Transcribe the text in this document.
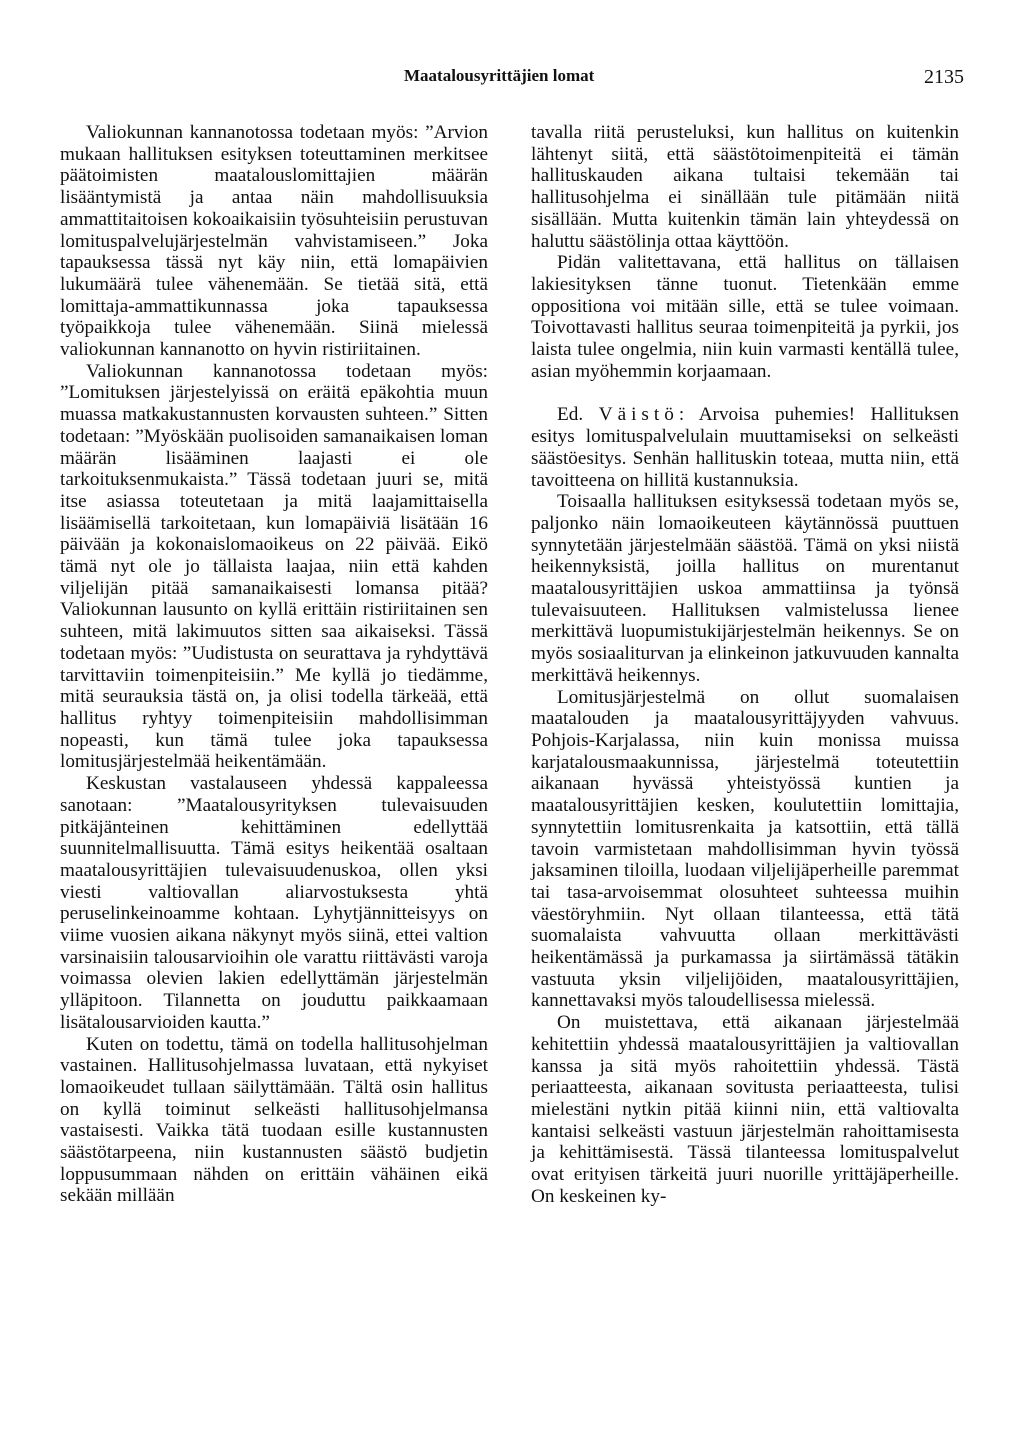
Maatalousyrittäjien lomat	2135

Valiokunnan kannanotossa todetaan myös: ”Arvion mukaan hallituksen esityksen toteuttaminen merkitsee päätoimisten maatalouslomittajien määrän lisääntymistä ja antaa näin mahdollisuuksia ammattitaitoisen kokoaikaisiin työsuhteisiin perustuvan lomituspalvelujärjestelmän vahvistamiseen.” Joka tapauksessa tässä nyt käy niin, että lomapäivien lukumäärä tulee vähenemään. Se tietää sitä, että lomittaja-ammattikunnassa joka tapauksessa työpaikkoja tulee vähenemään. Siinä mielessä valiokunnan kannanotto on hyvin ristiriitainen.

Valiokunnan kannanotossa todetaan myös: ”Lomituksen järjestelyissä on eräitä epäkohtia muun muassa matkakustannusten korvausten suhteen.” Sitten todetaan: ”Myöskään puolisoiden samanaikaisen loman määrän lisääminen laajasti ei ole tarkoituksenmukaista.” Tässä todetaan juuri se, mitä itse asiassa toteutetaan ja mitä laajamittaisella lisäämisellä tarkoitetaan, kun lomapäiviä lisätään 16 päivään ja kokonaislomaoikeus on 22 päivää. Eikö tämä nyt ole jo tällaista laajaa, niin että kahden viljelijän pitää samanaikaisesti lomansa pitää? Valiokunnan lausunto on kyllä erittäin ristiriitainen sen suhteen, mitä lakimuutos sitten saa aikaiseksi. Tässä todetaan myös: ”Uudistusta on seurattava ja ryhdyttävä tarvittaviin toimenpiteisiin.” Me kyllä jo tiedämme, mitä seurauksia tästä on, ja olisi todella tärkeää, että hallitus ryhtyy toimenpiteisiin mahdollisimman nopeasti, kun tämä tulee joka tapauksessa lomitusjärjestelmää heikentämään.

Keskustan vastalauseen yhdessä kappaleessa sanotaan: ”Maatalousyrityksen tulevaisuuden pitkäjänteinen kehittäminen edellyttää suunnitelmallisuutta. Tämä esitys heikentää osaltaan maatalousyrittäjien tulevaisuudenuskoa, ollen yksi viesti valtiovallan aliarvostuksesta yhtä peruselinkeinoamme kohtaan. Lyhytjännitteisyys on viime vuosien aikana näkynyt myös siinä, ettei valtion varsinaisiin talousarvioihin ole varattu riittävästi varoja voimassa olevien lakien edellyttämän järjestelmän ylläpitoon. Tilannetta on jouduttu paikkaamaan lisätalousarvioiden kautta.”

Kuten on todettu, tämä on todella hallitusohjelman vastainen. Hallitusohjelmassa luvataan, että nykyiset lomaoikeudet tullaan säilyttämään. Tältä osin hallitus on kyllä toiminut selkeästi hallitusohjelmansa vastaisesti. Vaikka tätä tuodaan esille kustannusten säästötarpeena, niin kustannusten säästö budjetin loppusummaan nähden on erittäin vähäinen eikä sekään millään

tavalla riitä perusteluksi, kun hallitus on kuitenkin lähtenyt siitä, että säästötoimenpiteitä ei tämän hallituskauden aikana tultaisi tekemään tai hallitusohjelma ei sinällään tule pitämään niitä sisällään. Mutta kuitenkin tämän lain yhteydessä on haluttu säästölinja ottaa käyttöön.

Pidän valitettavana, että hallitus on tällaisen lakiesityksen tänne tuonut. Tietenkään emme oppositiona voi mitään sille, että se tulee voimaan. Toivottavasti hallitus seuraa toimenpiteitä ja pyrkii, jos laista tulee ongelmia, niin kuin varmasti kentällä tulee, asian myöhemmin korjaamaan.

Ed. Väistö: Arvoisa puhemies! Hallituksen esitys lomituspalvelulain muuttamiseksi on selkeästi säästöesitys. Senhän hallituskin toteaa, mutta niin, että tavoitteena on hillitä kustannuksia.

Toisaalla hallituksen esityksessä todetaan myös se, paljonko näin lomaoikeuteen käytännössä puuttuen synnytetään järjestelmään säästöä. Tämä on yksi niistä heikennyksistä, joilla hallitus on murentanut maatalousyrittäjien uskoa ammattiinsa ja työnsä tulevaisuuteen. Hallituksen valmistelussa lienee merkittävä luopumistukijärjestelmän heikennys. Se on myös sosiaaliturvan ja elinkeinon jatkuvuuden kannalta merkittävä heikennys.

Lomitusjärjestelmä on ollut suomalaisen maatalouden ja maatalousyrittäjyyden vahvuus. Pohjois-Karjalassa, niin kuin monissa muissa karjatalousmaakunnissa, järjestelmä toteutettiin aikanaan hyvässä yhteistyössä kuntien ja maatalousyrittäjien kesken, koulutettiin lomittajia, synnytettiin lomitusrenkaita ja katsottiin, että tällä tavoin varmistetaan mahdollisimman hyvin työssä jaksaminen tiloilla, luodaan viljelijäperheille paremmat tai tasa-arvoisemmat olosuhteet suhteessa muihin väestöryhmiin. Nyt ollaan tilanteessa, että tätä suomalaista vahvuutta ollaan merkittävästi heikentämässä ja purkamassa ja siirtämässä tätäkin vastuuta yksin viljelijöiden, maatalousyrittäjien, kannettavaksi myös taloudellisessa mielessä.

On muistettava, että aikanaan järjestelmää kehitettiin yhdessä maatalousyrittäjien ja valtiovallan kanssa ja sitä myös rahoitettiin yhdessä. Tästä periaatteesta, aikanaan sovitusta periaatteesta, tulisi mielestäni nytkin pitää kiinni niin, että valtiovalta kantaisi selkeästi vastuun järjestelmän rahoittamisesta ja kehittämisestä. Tässä tilanteessa lomituspalvelut ovat erityisen tärkeitä juuri nuorille yrittäjäperheille. On keskeinen ky-
